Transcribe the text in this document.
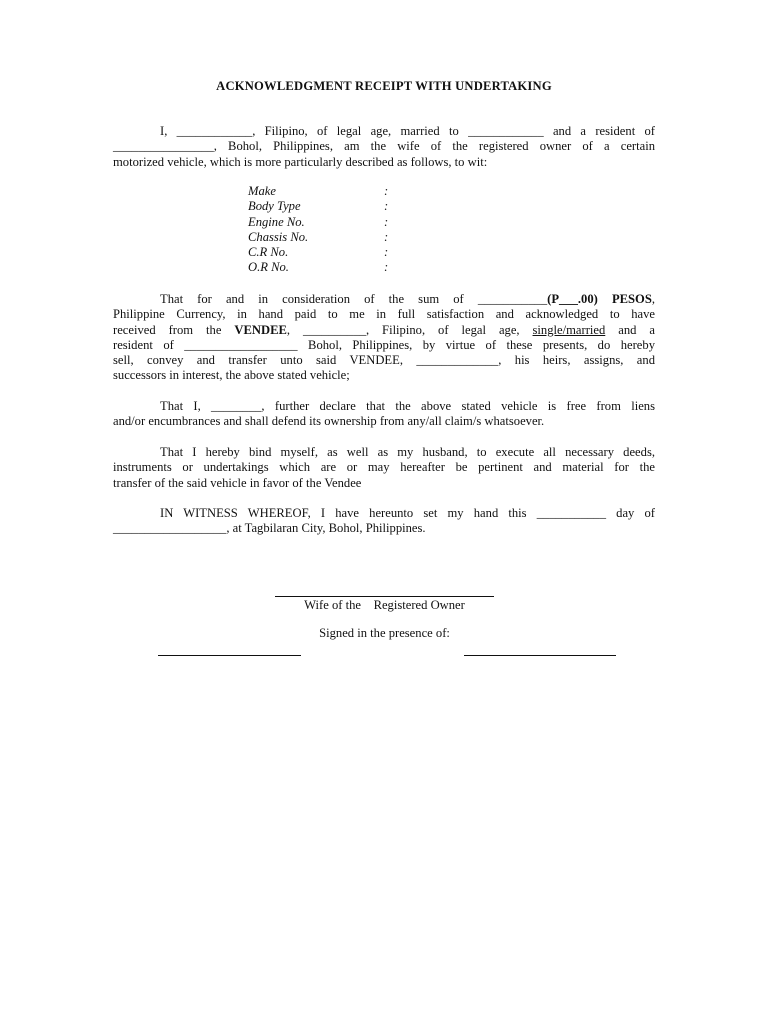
ACKNOWLEDGMENT RECEIPT WITH UNDERTAKING
I, ____________, Filipino, of legal age, married to ____________ and a resident of
________________, Bohol, Philippines, am the wife of the registered owner of a certain
motorized vehicle, which is more particularly described as follows, to wit:
Make	:
Body Type	:
Engine No.	:
Chassis No.	:
C.R No.	:
O.R No.	:
That for and in consideration of the sum of ___________(P___.00) PESOS,
Philippine Currency, in hand paid to me in full satisfaction and acknowledged to have
received from the VENDEE, __________, Filipino, of legal age, single/married and a
resident of __________________ Bohol, Philippines, by virtue of these presents, do hereby
sell, convey and transfer unto said VENDEE, _____________, his heirs, assigns, and
successors in interest, the above stated vehicle;
That I, ________, further declare that the above stated vehicle is free from liens
and/or encumbrances and shall defend its ownership from any/all claim/s whatsoever.
That I hereby bind myself, as well as my husband, to execute all necessary deeds,
instruments or undertakings which are or may hereafter be pertinent and material for the
transfer of the said vehicle in favor of the Vendee
IN WITNESS WHEREOF, I have hereunto set my hand this ___________ day of
__________________, at Tagbilaran City, Bohol, Philippines.
Wife of the    Registered Owner
Signed in the presence of:
